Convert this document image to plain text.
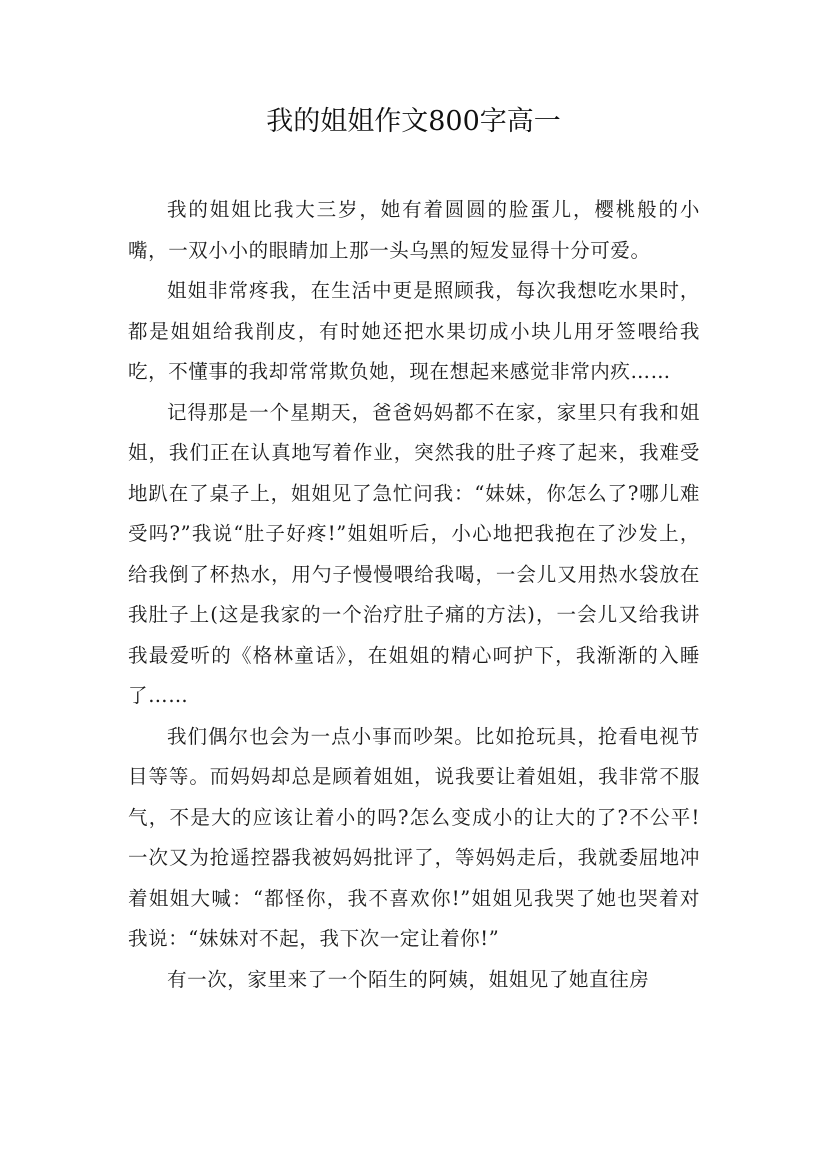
我的姐姐作文800字高一

我的姐姐比我大三岁，她有着圆圆的脸蛋儿，樱桃般的小嘴，一双小小的眼睛加上那一头乌黑的短发显得十分可爱。

姐姐非常疼我，在生活中更是照顾我，每次我想吃水果时，都是姐姐给我削皮，有时她还把水果切成小块儿用牙签喂给我吃，不懂事的我却常常欺负她，现在想起来感觉非常内疚……

记得那是一个星期天，爸爸妈妈都不在家，家里只有我和姐姐，我们正在认真地写着作业，突然我的肚子疼了起来，我难受地趴在了桌子上，姐姐见了急忙问我：“妹妹，你怎么了?哪儿难受吗?”我说“肚子好疼!”姐姐听后，小心地把我抱在了沙发上，给我倒了杯热水，用勺子慢慢喂给我喝，一会儿又用热水袋放在我肚子上(这是我家的一个治疗肚子痛的方法)，一会儿又给我讲我最爱听的《格林童话》，在姐姐的精心呵护下，我渐渐的入睡了……

我们偶尔也会为一点小事而吵架。比如抢玩具，抢看电视节目等等。而妈妈却总是顾着姐姐，说我要让着姐姐，我非常不服气，不是大的应该让着小的吗?怎么变成小的让大的了?不公平!一次又为抢遥控器我被妈妈批评了，等妈妈走后，我就委屈地冲着姐姐大喊：“都怪你，我不喜欢你!”姐姐见我哭了她也哭着对我说：“妹妹对不起，我下次一定让着你!”

有一次，家里来了一个陌生的阿姨，姐姐见了她直往房
